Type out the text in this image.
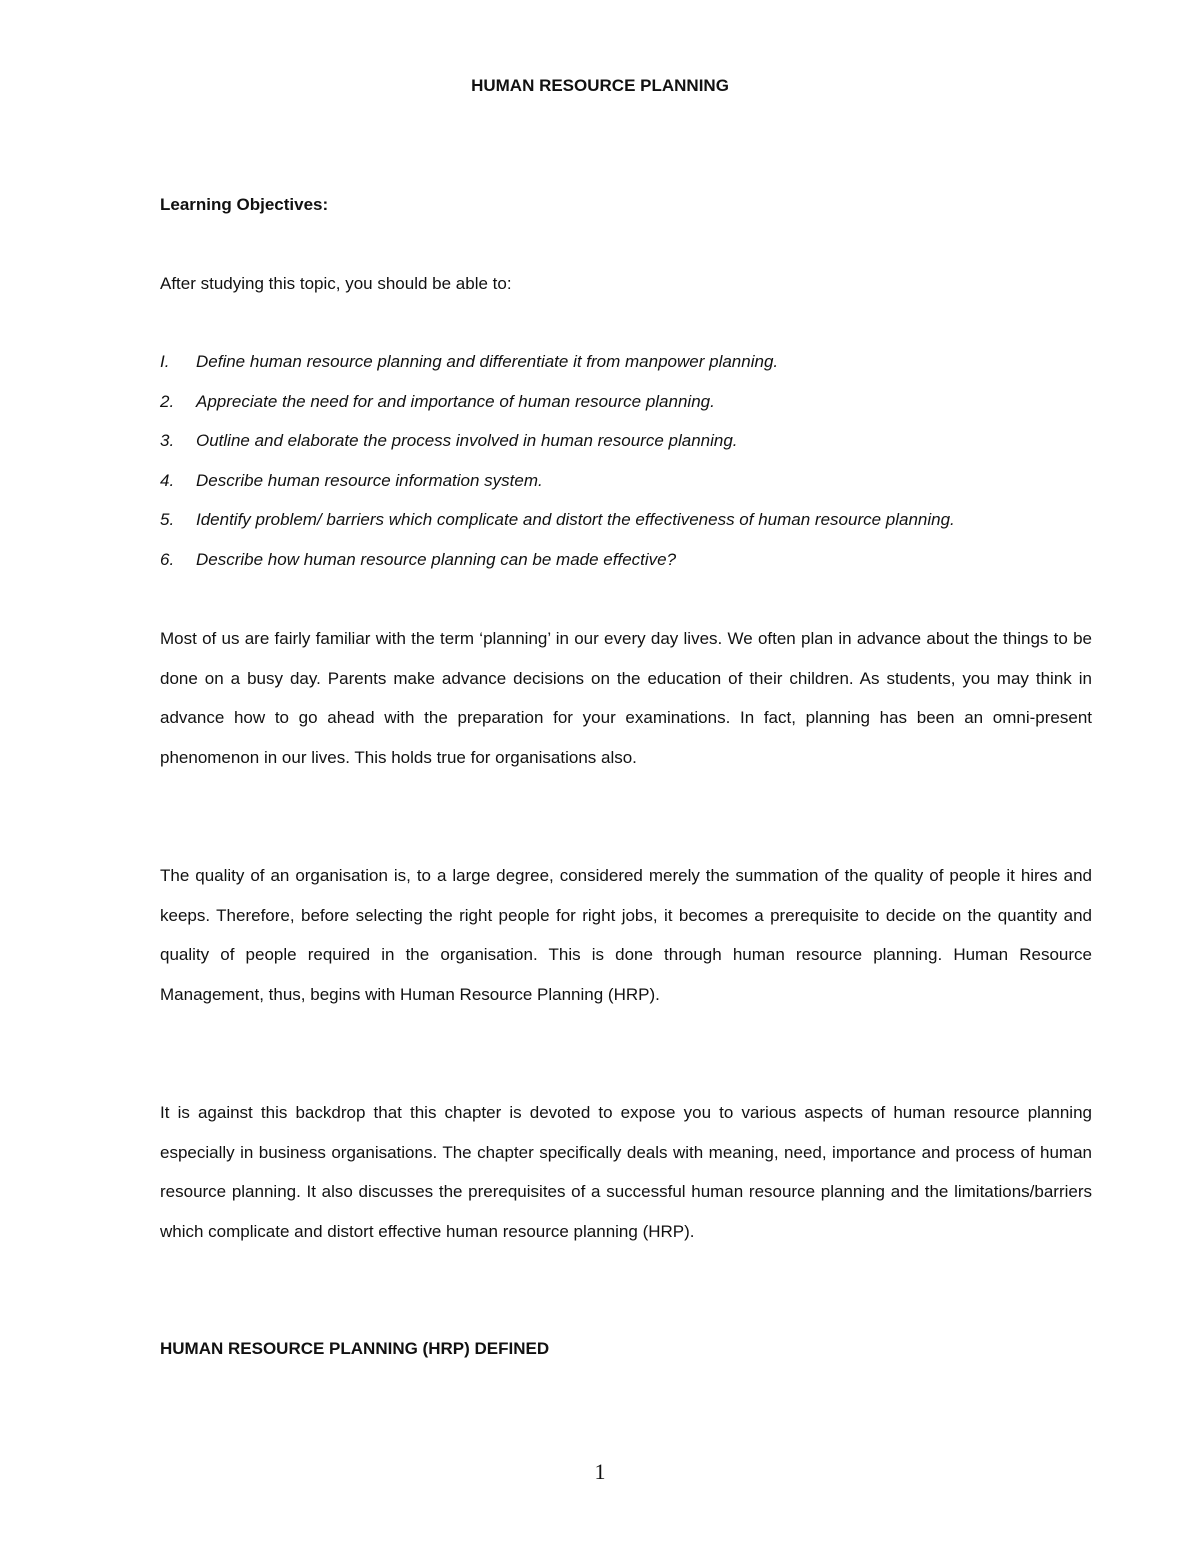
HUMAN RESOURCE PLANNING
Learning Objectives:
After studying this topic, you should be able to:
I.	Define human resource planning and differentiate it from manpower planning.
2.	Appreciate the need for and importance of human resource planning.
3.	Outline and elaborate the process involved in human resource planning.
4.	Describe human resource information system.
5.	Identify problem/ barriers which complicate and distort the effectiveness of human resource planning.
6.	Describe how human resource planning can be made effective?

Most of us are fairly familiar with the term ‘planning’ in our every day lives. We often plan in advance about the things to be done on a busy day. Parents make advance decisions on the education of their children. As students, you may think in advance how to go ahead with the preparation for your examinations. In fact, planning has been an omni-present phenomenon in our lives. This holds true for organisations also.

The quality of an organisation is, to a large degree, considered merely the summation of the quality of people it hires and keeps. Therefore, before selecting the right people for right jobs, it becomes a prerequisite to decide on the quantity and quality of people required in the organisation. This is done through human resource planning. Human Resource Management, thus, begins with Human Resource Planning (HRP).

It is against this backdrop that this chapter is devoted to expose you to various aspects of human resource planning especially in business organisations. The chapter specifically deals with meaning, need, importance and process of human resource planning. It also discusses the prerequisites of a successful human resource planning and the limitations/barriers which complicate and distort effective human resource planning (HRP).

HUMAN RESOURCE PLANNING (HRP) DEFINED
1
